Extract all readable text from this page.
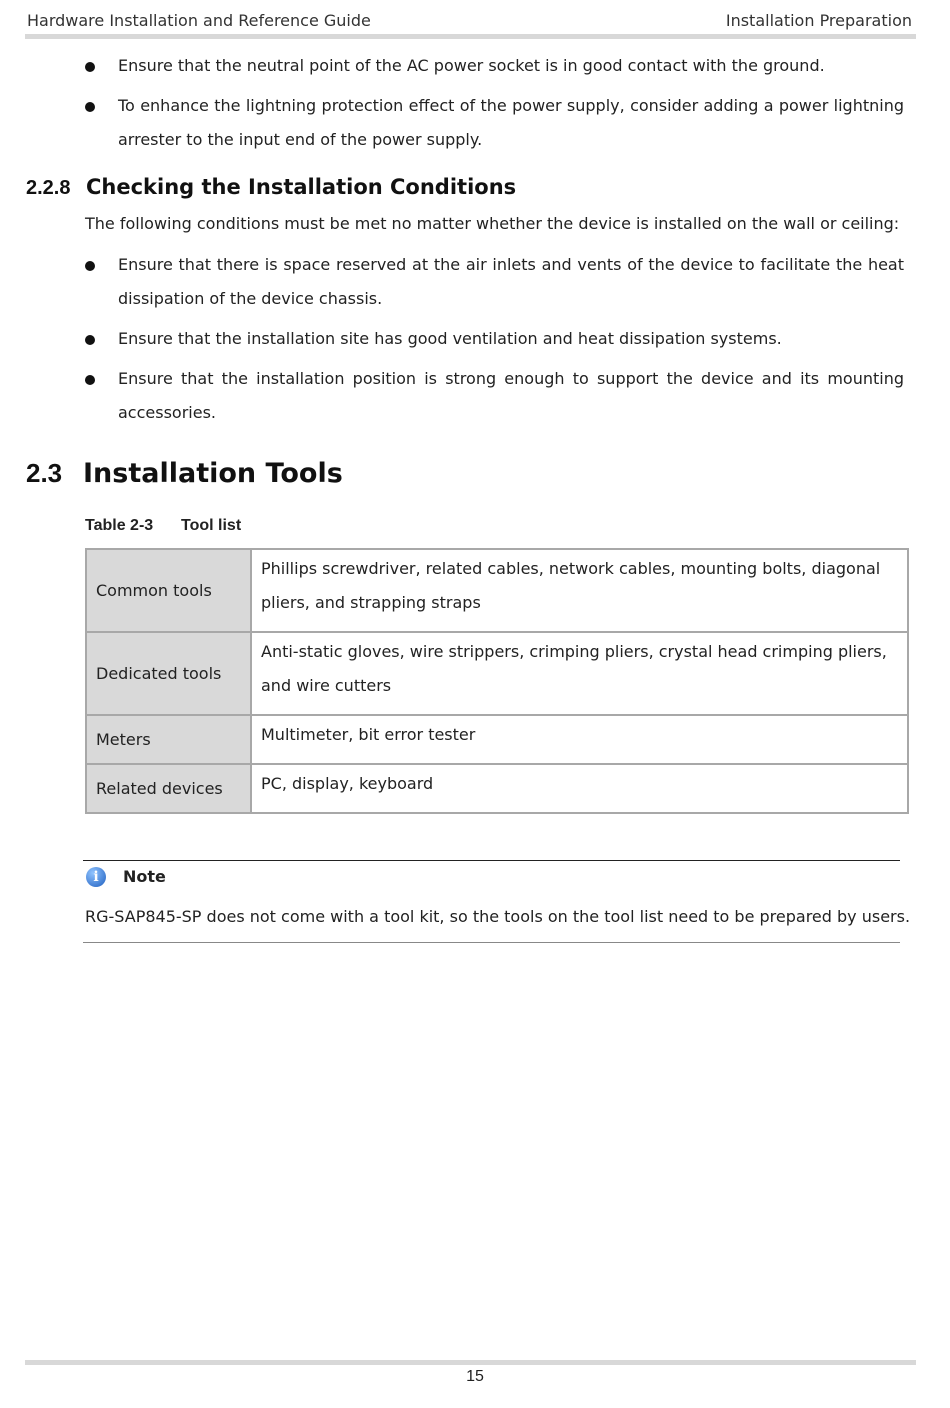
Hardware Installation and Reference Guide	Installation Preparation
Ensure that the neutral point of the AC power socket is in good contact with the ground.
To enhance the lightning protection effect of the power supply, consider adding a power lightning arrester to the input end of the power supply.
2.2.8 Checking the Installation Conditions
The following conditions must be met no matter whether the device is installed on the wall or ceiling:
Ensure that there is space reserved at the air inlets and vents of the device to facilitate the heat dissipation of the device chassis.
Ensure that the installation site has good ventilation and heat dissipation systems.
Ensure that the installation position is strong enough to support the device and its mounting accessories.
2.3 Installation Tools
Table 2-3 Tool list
Common tools	Phillips screwdriver, related cables, network cables, mounting bolts, diagonal pliers, and strapping straps
Dedicated tools	Anti-static gloves, wire strippers, crimping pliers, crystal head crimping pliers, and wire cutters
Meters	Multimeter, bit error tester
Related devices	PC, display, keyboard
i	Note
RG-SAP845-SP does not come with a tool kit, so the tools on the tool list need to be prepared by users.
15
